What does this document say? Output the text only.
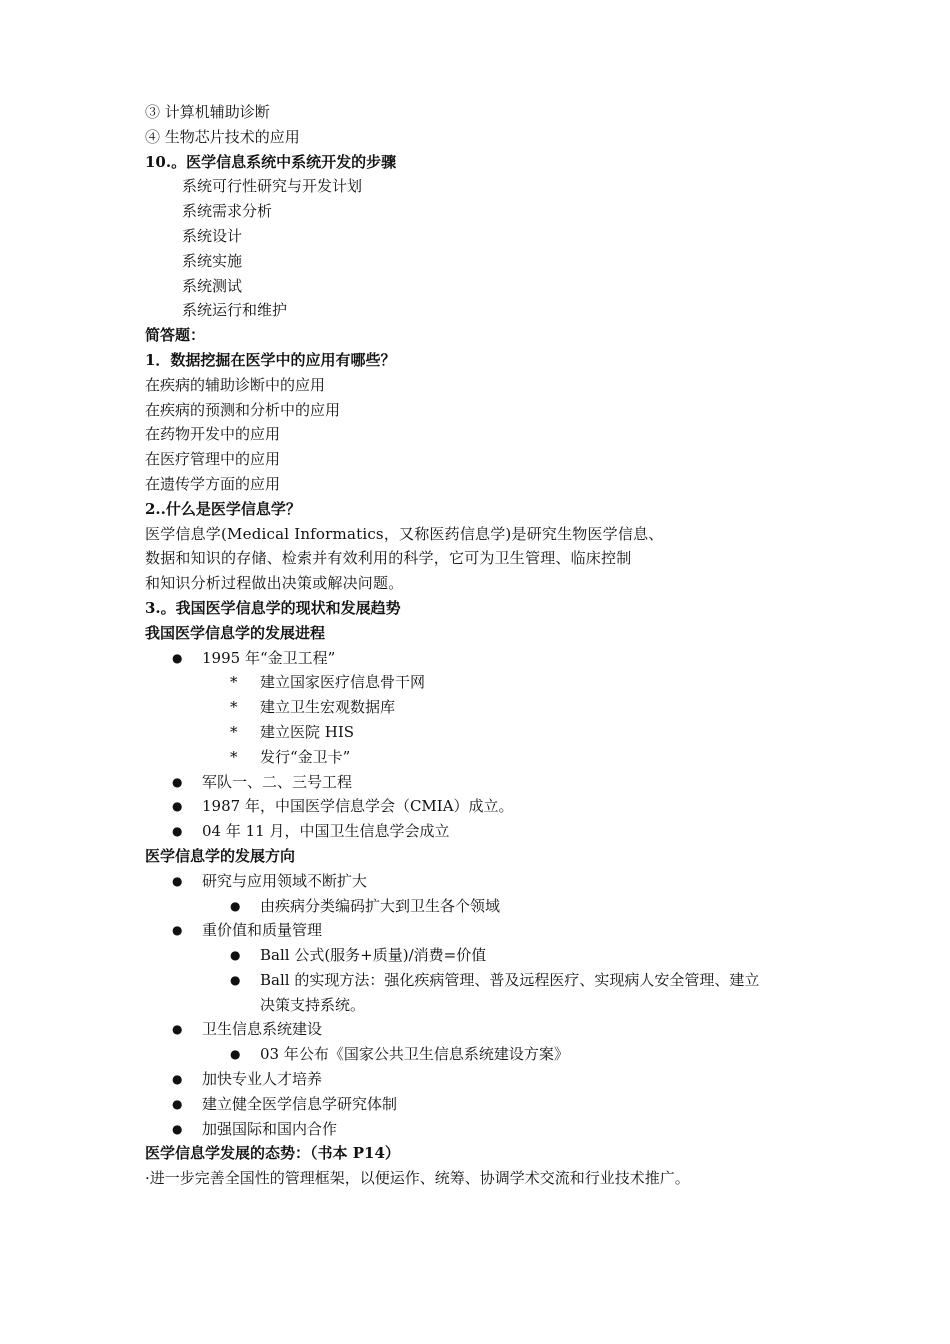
③ 计算机辅助诊断
④ 生物芯片技术的应用
10.。医学信息系统中系统开发的步骤
系统可行性研究与开发计划
系统需求分析
系统设计
系统实施
系统测试
系统运行和维护
简答题：
1．数据挖掘在医学中的应用有哪些？
在疾病的辅助诊断中的应用
在疾病的预测和分析中的应用
在药物开发中的应用
在医疗管理中的应用
在遗传学方面的应用
2..什么是医学信息学？
医学信息学(Medical Informatics，又称医药信息学)是研究生物医学信息、
数据和知识的存储、检索并有效利用的科学，它可为卫生管理、临床控制
和知识分析过程做出决策或解决问题。
3.。我国医学信息学的现状和发展趋势
我国医学信息学的发展进程
● 1995 年“金卫工程”
* 建立国家医疗信息骨干网
* 建立卫生宏观数据库
* 建立医院 HIS
* 发行“金卫卡”
● 军队一、二、三号工程
● 1987 年，中国医学信息学会（CMIA）成立。
● 04 年 11 月，中国卫生信息学会成立
医学信息学的发展方向
● 研究与应用领域不断扩大
● 由疾病分类编码扩大到卫生各个领域
● 重价值和质量管理
● Ball 公式(服务+质量)/消费=价值
● Ball 的实现方法：强化疾病管理、普及远程医疗、实现病人安全管理、建立
决策支持系统。
● 卫生信息系统建设
● 03 年公布《国家公共卫生信息系统建设方案》
● 加快专业人才培养
● 建立健全医学信息学研究体制
● 加强国际和国内合作
医学信息学发展的态势：（书本 P14）
·进一步完善全国性的管理框架，以便运作、统筹、协调学术交流和行业技术推广。
